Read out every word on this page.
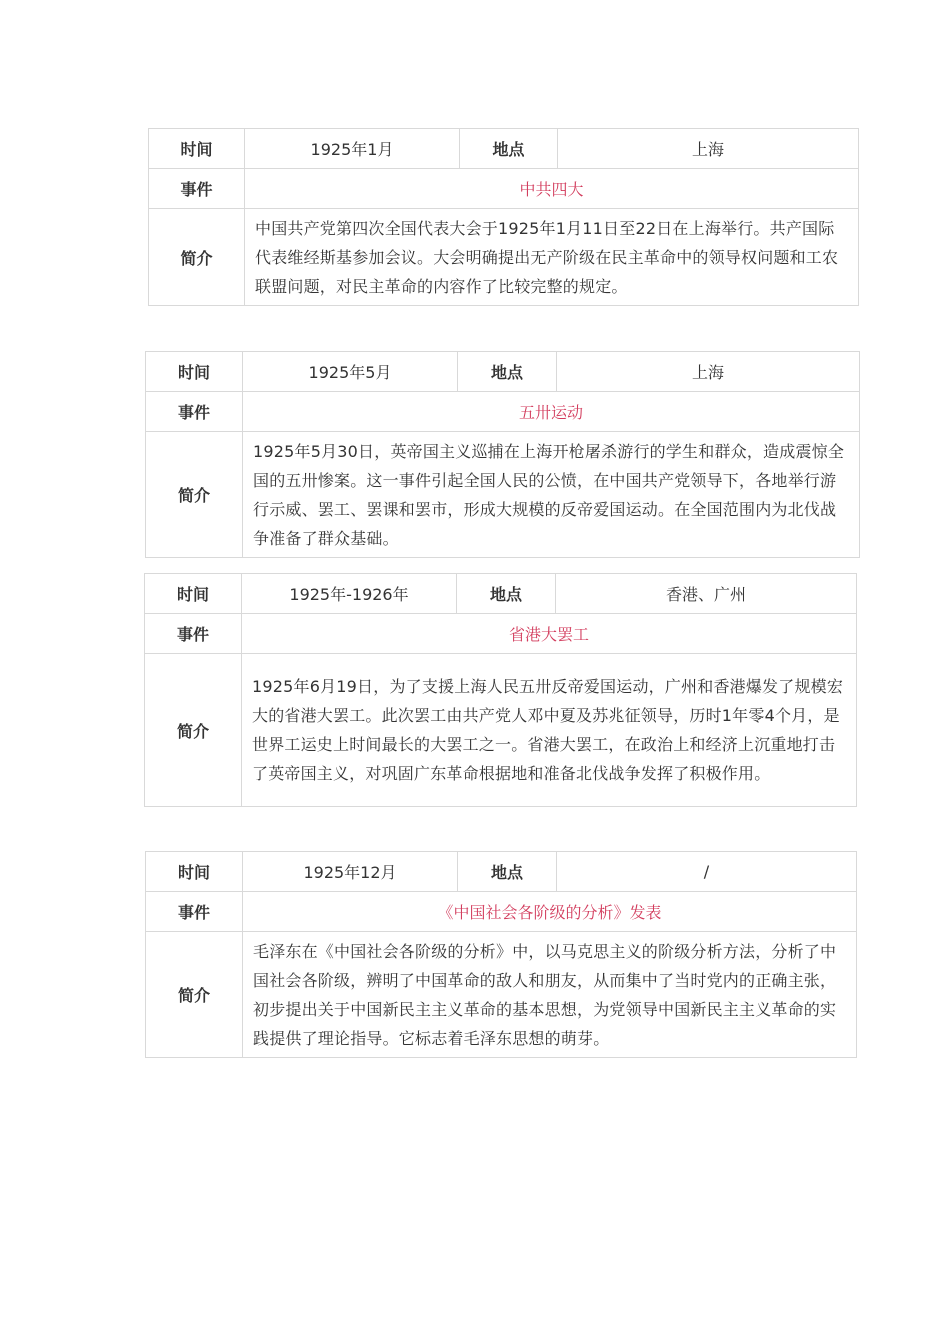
时间	1925年1月	地点	上海
事件	中共四大		
简介	中国共产党第四次全国代表大会于1925年1月11日至22日在上海举行。共产国际代表维经斯基参加会议。大会明确提出无产阶级在民主革命中的领导权问题和工农联盟问题，对民主革命的内容作了比较完整的规定。		
时间	1925年5月	地点	上海
事件	五卅运动		
简介	1925年5月30日，英帝国主义巡捕在上海开枪屠杀游行的学生和群众，造成震惊全国的五卅惨案。这一事件引起全国人民的公愤，在中国共产党领导下，各地举行游行示威、罢工、罢课和罢市，形成大规模的反帝爱国运动。在全国范围内为北伐战争准备了群众基础。		
时间	1925年-1926年	地点	香港、广州
事件	省港大罢工		
简介	1925年6月19日，为了支援上海人民五卅反帝爱国运动，广州和香港爆发了规模宏大的省港大罢工。此次罢工由共产党人邓中夏及苏兆征领导，历时1年零4个月，是世界工运史上时间最长的大罢工之一。省港大罢工，在政治上和经济上沉重地打击了英帝国主义，对巩固广东革命根据地和准备北伐战争发挥了积极作用。		
时间	1925年12月	地点	/
事件	《中国社会各阶级的分析》发表		
简介	毛泽东在《中国社会各阶级的分析》中，以马克思主义的阶级分析方法，分析了中国社会各阶级，辨明了中国革命的敌人和朋友，从而集中了当时党内的正确主张，初步提出关于中国新民主主义革命的基本思想，为党领导中国新民主主义革命的实践提供了理论指导。它标志着毛泽东思想的萌芽。		
